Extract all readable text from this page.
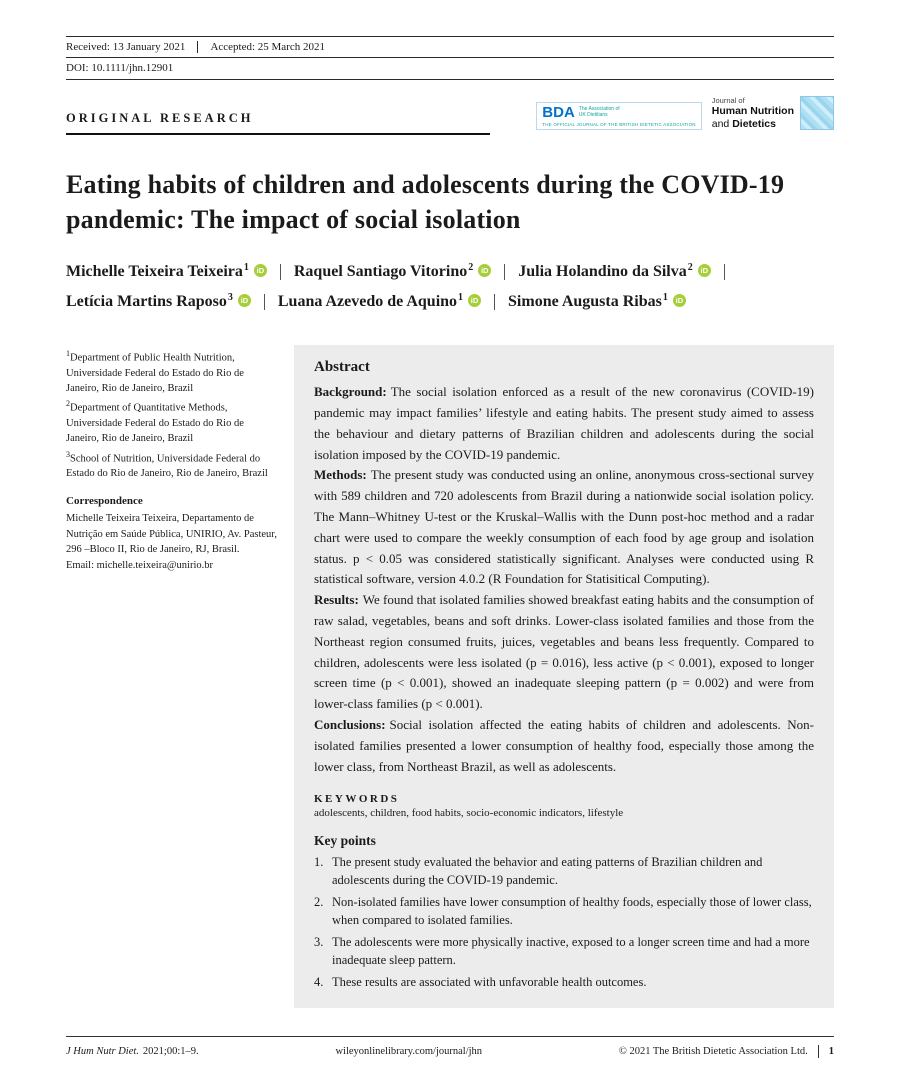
Received: 13 January 2021 Accepted: 25 March 2021
DOI: 10.1111/jhn.12901
ORIGINAL RESEARCH	BDA The Association of UK Dietitians
THE OFFICIAL JOURNAL OF THE BRITISH DIETETIC ASSOCIATION
Journal of
Human Nutrition
and Dietetics
Eating habits of children and adolescents during the COVID-19 pandemic: The impact of social isolation
Michelle Teixeira Teixeira$^1$ iD Raquel Santiago Vitorino$^2$ iD Julia Holandino da Silva$^2$ iD
Letícia Martins Raposo$^3$ iD Luana Azevedo de Aquino$^1$ iD Simone Augusta Ribas$^1$ iD

$^1$Department of Public Health Nutrition, Universidade Federal do Estado do Rio de Janeiro, Rio de Janeiro, Brazil

$^2$Department of Quantitative Methods, Universidade Federal do Estado do Rio de Janeiro, Rio de Janeiro, Brazil

$^3$School of Nutrition, Universidade Federal do Estado do Rio de Janeiro, Rio de Janeiro, Brazil

Correspondence
Michelle Teixeira Teixeira, Departamento de Nutrição em Saúde Pública, UNIRIO, Av. Pasteur, 296 –Bloco II, Rio de Janeiro, RJ, Brasil.
Email: michelle.teixeira@unirio.br
Abstract

Background: The social isolation enforced as a result of the new coronavirus (COVID-19) pandemic may impact families’ lifestyle and eating habits. The present study aimed to assess the behaviour and dietary patterns of Brazilian children and adolescents during the social isolation imposed by the COVID-19 pandemic.

Methods: The present study was conducted using an online, anonymous cross-sectional survey with 589 children and 720 adolescents from Brazil during a nationwide social isolation policy. The Mann–Whitney U-test or the Kruskal–Wallis with the Dunn post-hoc method and a radar chart were used to compare the weekly consumption of each food by age group and isolation status. p < 0.05 was considered statistically significant. Analyses were conducted using R statistical software, version 4.0.2 (R Foundation for Statisitical Computing).

Results: We found that isolated families showed breakfast eating habits and the consumption of raw salad, vegetables, beans and soft drinks. Lower-class isolated families and those from the Northeast region consumed fruits, juices, vegetables and beans less frequently. Compared to children, adolescents were less isolated (p = 0.016), less active (p < 0.001), exposed to longer screen time (p < 0.001), showed an inadequate sleeping pattern (p = 0.002) and were from lower-class families (p < 0.001).

Conclusions: Social isolation affected the eating habits of children and adolescents. Non-isolated families presented a lower consumption of healthy food, especially those among the lower class, from Northeast Brazil, as well as adolescents.

KEYWORDS
adolescents, children, food habits, socio-economic indicators, lifestyle
Key points
1. The present study evaluated the behavior and eating patterns of Brazilian children and adolescents during the COVID-19 pandemic.
2. Non-isolated families have lower consumption of healthy foods, especially those of lower class, when compared to isolated families.
3. The adolescents were more physically inactive, exposed to a longer screen time and had a more inadequate sleep pattern.
4. These results are associated with unfavorable health outcomes.
J Hum Nutr Diet. 2021;00:1–9.	wileyonlinelibrary.com/journal/jhn	© 2021 The British Dietetic Association Ltd. 1
